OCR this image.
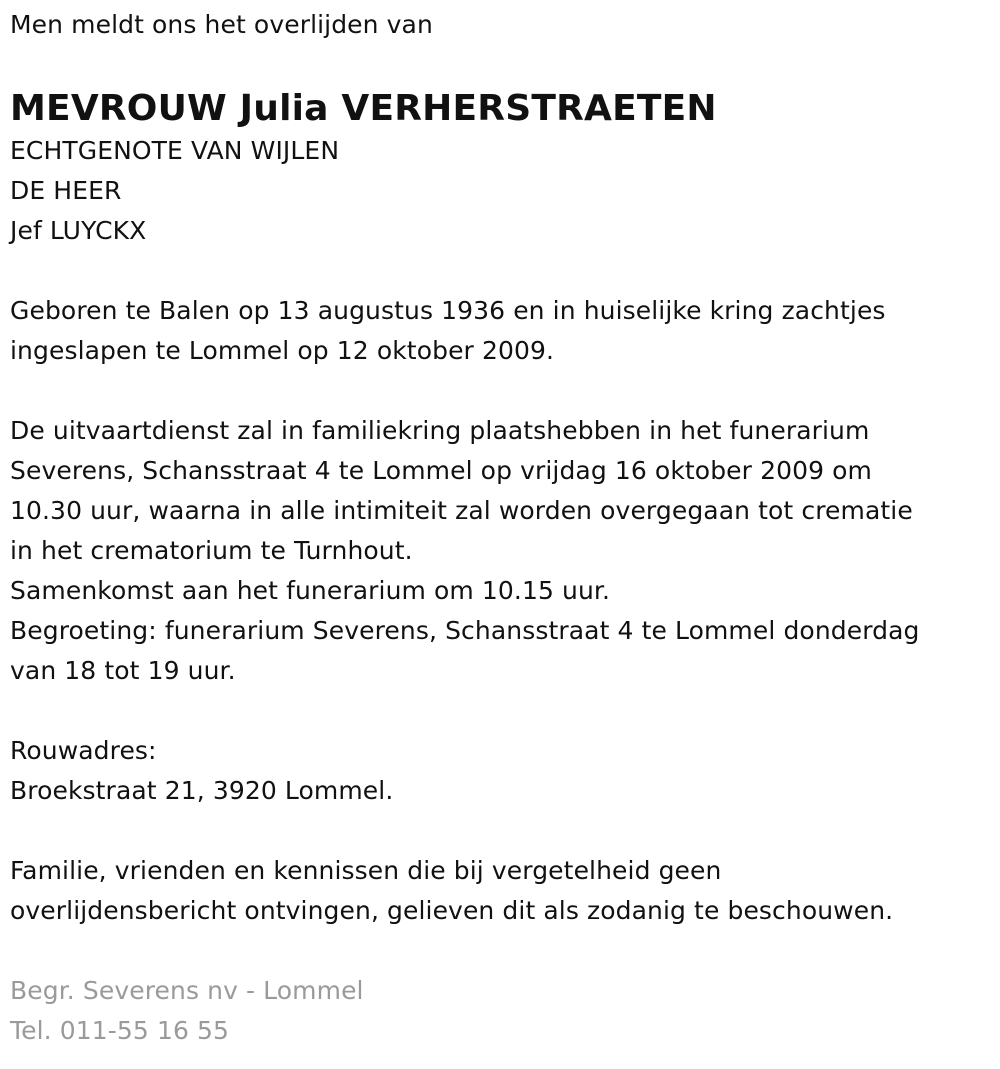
Men meldt ons het overlijden van
MEVROUW Julia VERHERSTRAETEN
ECHTGENOTE VAN WIJLEN
DE HEER
Jef LUYCKX
Geboren te Balen op 13 augustus 1936 en in huiselijke kring zachtjes
ingeslapen te Lommel op 12 oktober 2009.
De uitvaartdienst zal in familiekring plaatshebben in het funerarium
Severens, Schansstraat 4 te Lommel op vrijdag 16 oktober 2009 om
10.30 uur, waarna in alle intimiteit zal worden overgegaan tot crematie
in het crematorium te Turnhout.
Samenkomst aan het funerarium om 10.15 uur.
Begroeting: funerarium Severens, Schansstraat 4 te Lommel donderdag
van 18 tot 19 uur.
Rouwadres:
Broekstraat 21, 3920 Lommel.
Familie, vrienden en kennissen die bij vergetelheid geen
overlijdensbericht ontvingen, gelieven dit als zodanig te beschouwen.
Begr. Severens nv - Lommel
Tel. 011-55 16 55
